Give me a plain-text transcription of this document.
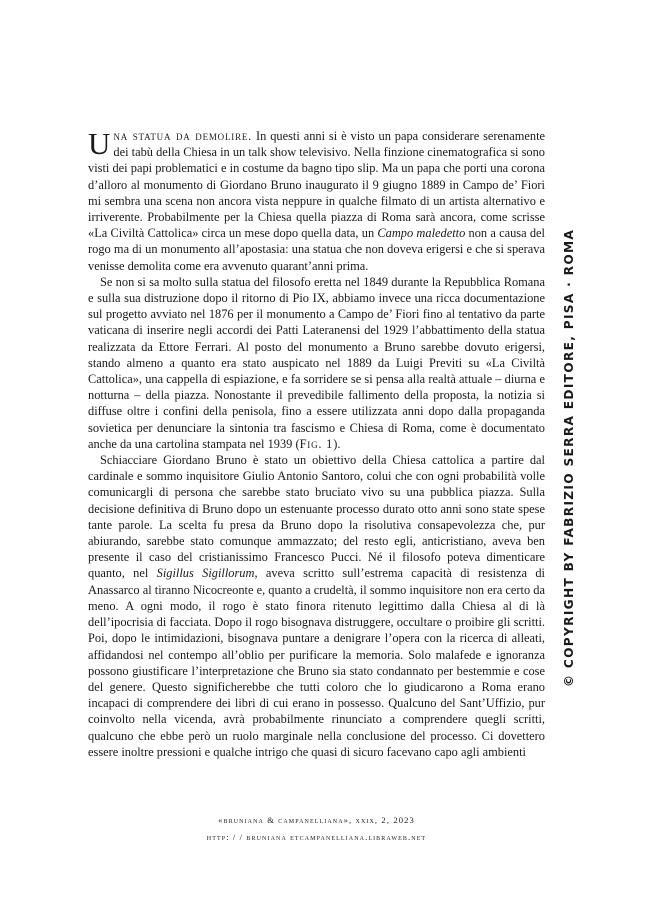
Una statua da demolire. In questi anni si è visto un papa considerare serenamente dei tabù della Chiesa in un talk show televisivo. Nella finzione cinematografica si sono visti dei papi problematici e in costume da bagno tipo slip. Ma un papa che porti una corona d’alloro al monumento di Giordano Bruno inaugurato il 9 giugno 1889 in Campo de’ Fiori mi sembra una scena non ancora vista neppure in qualche filmato di un artista alternativo e irriverente. Probabilmente per la Chiesa quella piazza di Roma sarà ancora, come scrisse «La Civiltà Cattolica» circa un mese dopo quella data, un Campo maledetto non a causa del rogo ma di un monumento all’apostasia: una statua che non doveva erigersi e che si sperava venisse demolita come era avvenuto quarant’anni prima.

Se non si sa molto sulla statua del filosofo eretta nel 1849 durante la Repubblica Romana e sulla sua distruzione dopo il ritorno di Pio IX, abbiamo invece una ricca documentazione sul progetto avviato nel 1876 per il monumento a Campo de’ Fiori fino al tentativo da parte vaticana di inserire negli accordi dei Patti Lateranensi del 1929 l’abbattimento della statua realizzata da Ettore Ferrari. Al posto del monumento a Bruno sarebbe dovuto erigersi, stando almeno a quanto era stato auspicato nel 1889 da Luigi Previti su «La Civiltà Cattolica», una cappella di espiazione, e fa sorridere se si pensa alla realtà attuale – diurna e notturna – della piazza. Nonostante il prevedibile fallimento della proposta, la notizia si diffuse oltre i confini della penisola, fino a essere utilizzata anni dopo dalla propaganda sovietica per denunciare la sintonia tra fascismo e Chiesa di Roma, come è documentato anche da una cartolina stampata nel 1939 (Fig. 1).

Schiacciare Giordano Bruno è stato un obiettivo della Chiesa cattolica a partire dal cardinale e sommo inquisitore Giulio Antonio Santoro, colui che con ogni probabilità volle comunicargli di persona che sarebbe stato bruciato vivo su una pubblica piazza. Sulla decisione definitiva di Bruno dopo un estenuante processo durato otto anni sono state spese tante parole. La scelta fu presa da Bruno dopo la risolutiva consapevolezza che, pur abiurando, sarebbe stato comunque ammazzato; del resto egli, anticristiano, aveva ben presente il caso del cristianissimo Francesco Pucci. Né il filosofo poteva dimenticare quanto, nel Sigillus Sigillorum, aveva scritto sull’estrema capacità di resistenza di Anassarco al tiranno Nicocreonte e, quanto a crudeltà, il sommo inquisitore non era certo da meno. A ogni modo, il rogo è stato finora ritenuto legittimo dalla Chiesa al di là dell’ipocrisia di facciata. Dopo il rogo bisognava distruggere, occultare o proibire gli scritti. Poi, dopo le intimidazioni, bisognava puntare a denigrare l’opera con la ricerca di alleati, affidandosi nel contempo all’oblio per purificare la memoria. Solo malafede e ignoranza possono giustificare l’interpretazione che Bruno sia stato condannato per bestemmie e cose del genere. Questo significherebbe che tutti coloro che lo giudicarono a Roma erano incapaci di comprendere dei libri di cui erano in possesso. Qualcuno del Sant’Uffizio, pur coinvolto nella vicenda, avrà probabilmente rinunciato a comprendere quegli scritti, qualcuno che ebbe però un ruolo marginale nella conclusione del processo. Ci dovettero essere inoltre pressioni e qualche intrigo che quasi di sicuro facevano capo agli ambienti

© COPYRIGHT BY FABRIZIO SERRA EDITORE, PISA · ROMA
«bruniana & campanelliana», xxix, 2, 2023
http: / / bruniana etcampanelliana.libraweb.net
